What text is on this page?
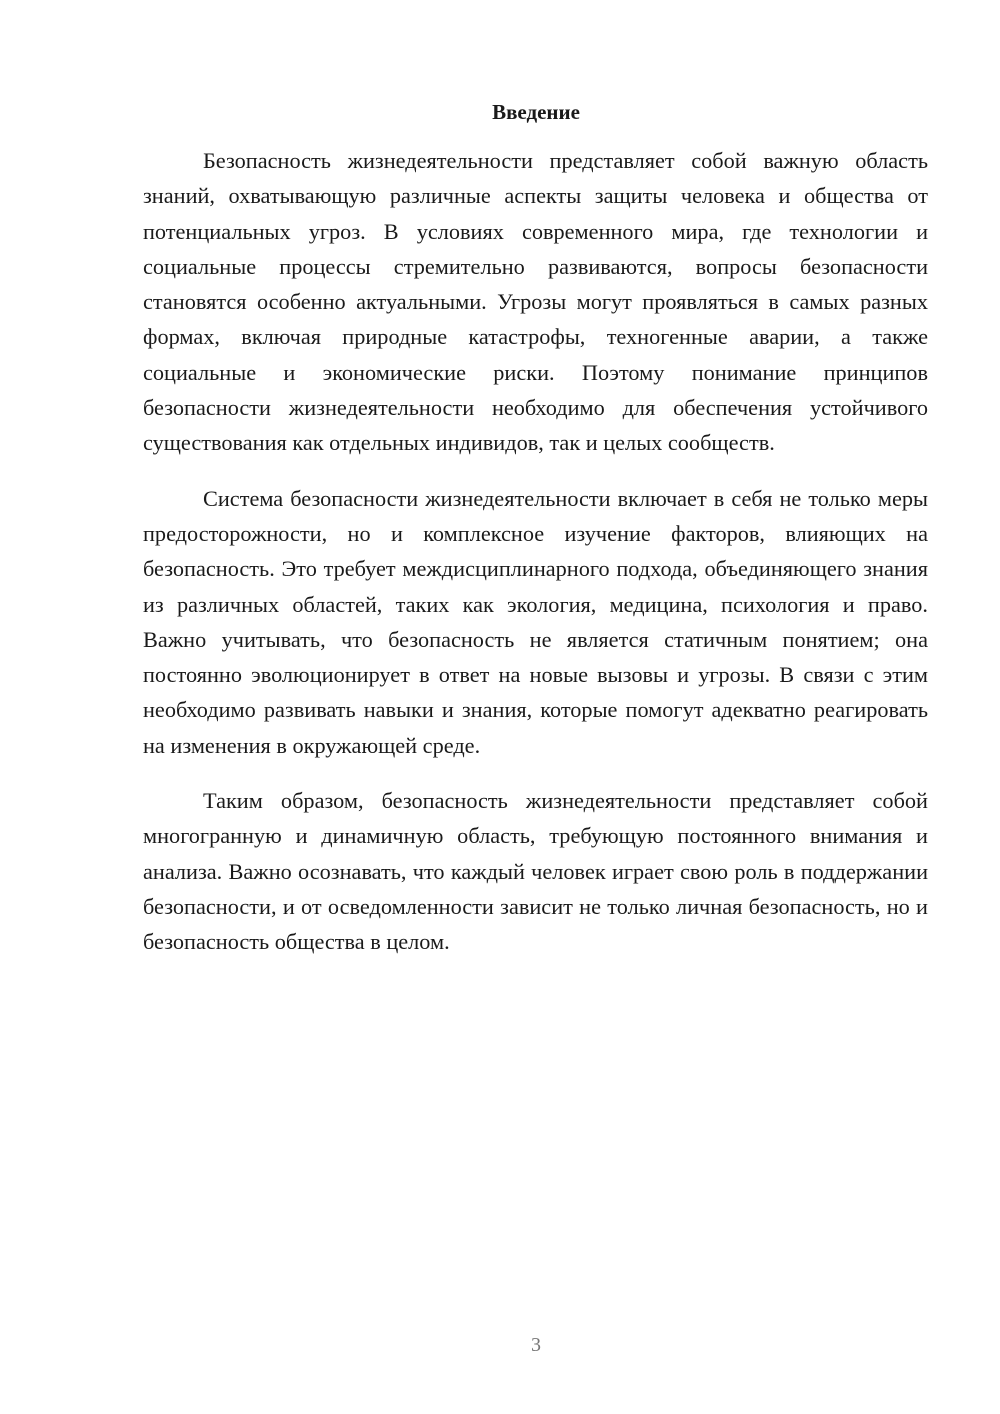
Введение

Безопасность жизнедеятельности представляет собой важную область знаний, охватывающую различные аспекты защиты человека и общества от потенциальных угроз. В условиях современного мира, где технологии и социальные процессы стремительно развиваются, вопросы безопасности становятся особенно актуальными. Угрозы могут проявляться в самых разных формах, включая природные катастрофы, техногенные аварии, а также социальные и экономические риски. Поэтому понимание принципов безопасности жизнедеятельности необходимо для обеспечения устойчивого существования как отдельных индивидов, так и целых сообществ.

Система безопасности жизнедеятельности включает в себя не только меры предосторожности, но и комплексное изучение факторов, влияющих на безопасность. Это требует междисциплинарного подхода, объединяющего знания из различных областей, таких как экология, медицина, психология и право. Важно учитывать, что безопасность не является статичным понятием; она постоянно эволюционирует в ответ на новые вызовы и угрозы. В связи с этим необходимо развивать навыки и знания, которые помогут адекватно реагировать на изменения в окружающей среде.

Таким образом, безопасность жизнедеятельности представляет собой многогранную и динамичную область, требующую постоянного внимания и анализа. Важно осознавать, что каждый человек играет свою роль в поддержании безопасности, и от осведомленности зависит не только личная безопасность, но и безопасность общества в целом.

3
